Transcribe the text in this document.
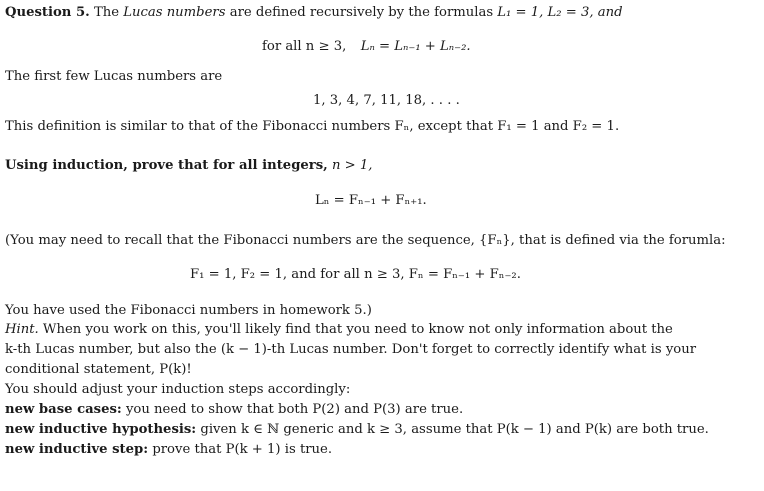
Question 5. The Lucas numbers are defined recursively by the formulas L₁ = 1, L₂ = 3, and
for all n ≥ 3, Lₙ = Lₙ₋₁ + Lₙ₋₂.
The first few Lucas numbers are
1, 3, 4, 7, 11, 18, . . . .
This definition is similar to that of the Fibonacci numbers Fₙ, except that F₁ = 1 and F₂ = 1.
Using induction, prove that for all integers, n > 1,
Lₙ = Fₙ₋₁ + Fₙ₊₁.
(You may need to recall that the Fibonacci numbers are the sequence, {Fₙ}, that is defined via the forumla:
F₁ = 1, F₂ = 1, and for all n ≥ 3, Fₙ = Fₙ₋₁ + Fₙ₋₂.
You have used the Fibonacci numbers in homework 5.)
Hint. When you work on this, you'll likely find that you need to know not only information about the
k-th Lucas number, but also the (k − 1)-th Lucas number. Don't forget to correctly identify what is your
conditional statement, P(k)!
You should adjust your induction steps accordingly:
new base cases: you need to show that both P(2) and P(3) are true.
new inductive hypothesis: given k ∈ ℕ generic and k ≥ 3, assume that P(k − 1) and P(k) are both true.
new inductive step: prove that P(k + 1) is true.
